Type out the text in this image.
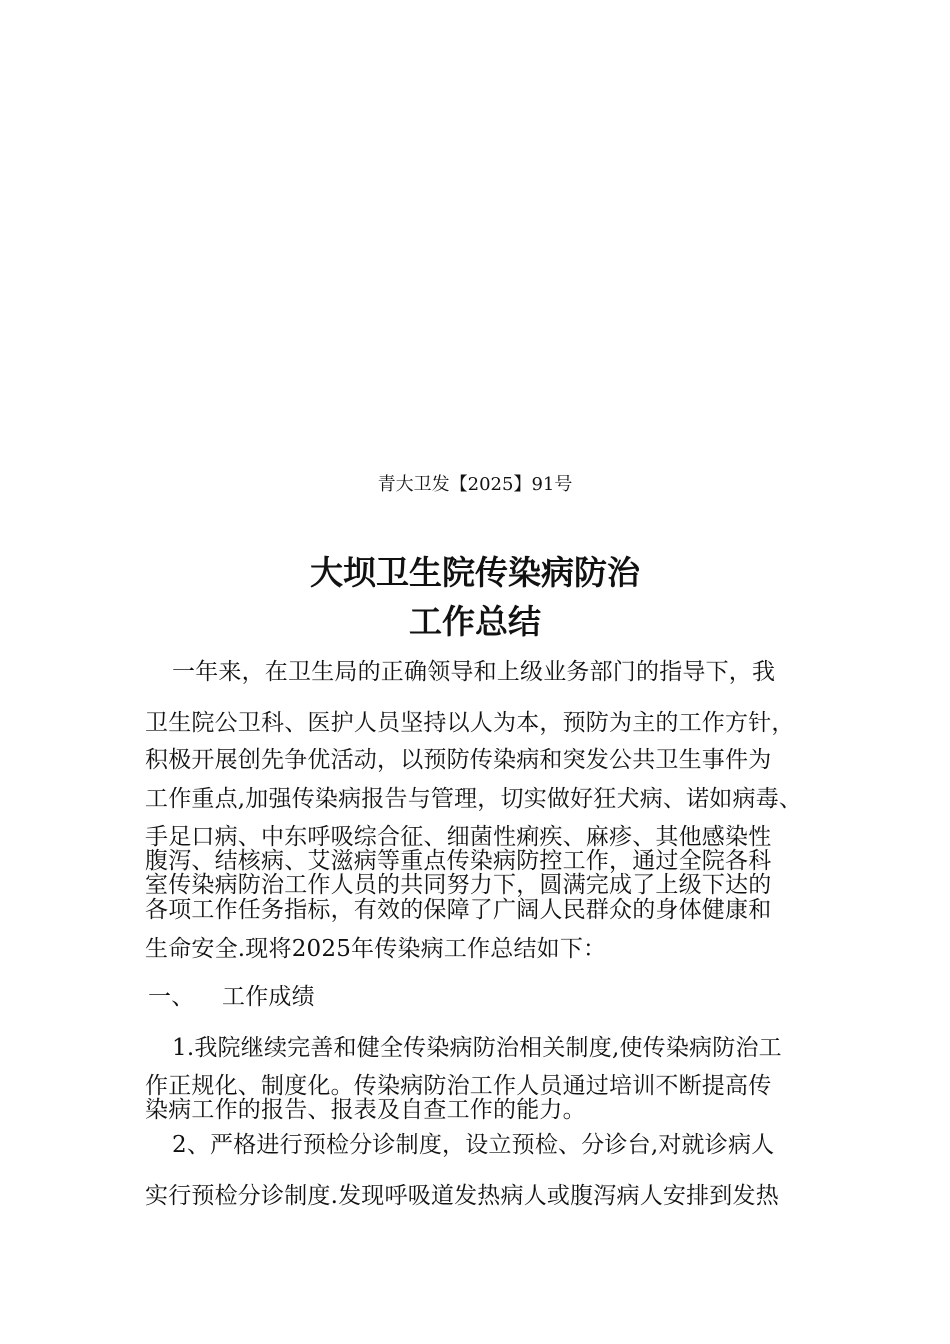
青大卫发【2025】91号
大坝卫生院传染病防治
工作总结
一年来，在卫生局的正确领导和上级业务部门的指导下，我
卫生院公卫科、医护人员坚持以人为本，预防为主的工作方针，
积极开展创先争优活动，以预防传染病和突发公共卫生事件为
工作重点,加强传染病报告与管理，切实做好狂犬病、诺如病毒、
手足口病、中东呼吸综合征、细菌性痢疾、麻疹、其他感染性
腹泻、结核病、艾滋病等重点传染病防控工作，通过全院各科
室传染病防治工作人员的共同努力下，圆满完成了上级下达的
各项工作任务指标，有效的保障了广阔人民群众的身体健康和
生命安全.现将2025年传染病工作总结如下：
一、 工作成绩
1.我院继续完善和健全传染病防治相关制度,使传染病防治工
作正规化、制度化。传染病防治工作人员通过培训不断提高传
染病工作的报告、报表及自查工作的能力。
2、严格进行预检分诊制度，设立预检、分诊台,对就诊病人
实行预检分诊制度.发现呼吸道发热病人或腹泻病人安排到发热
